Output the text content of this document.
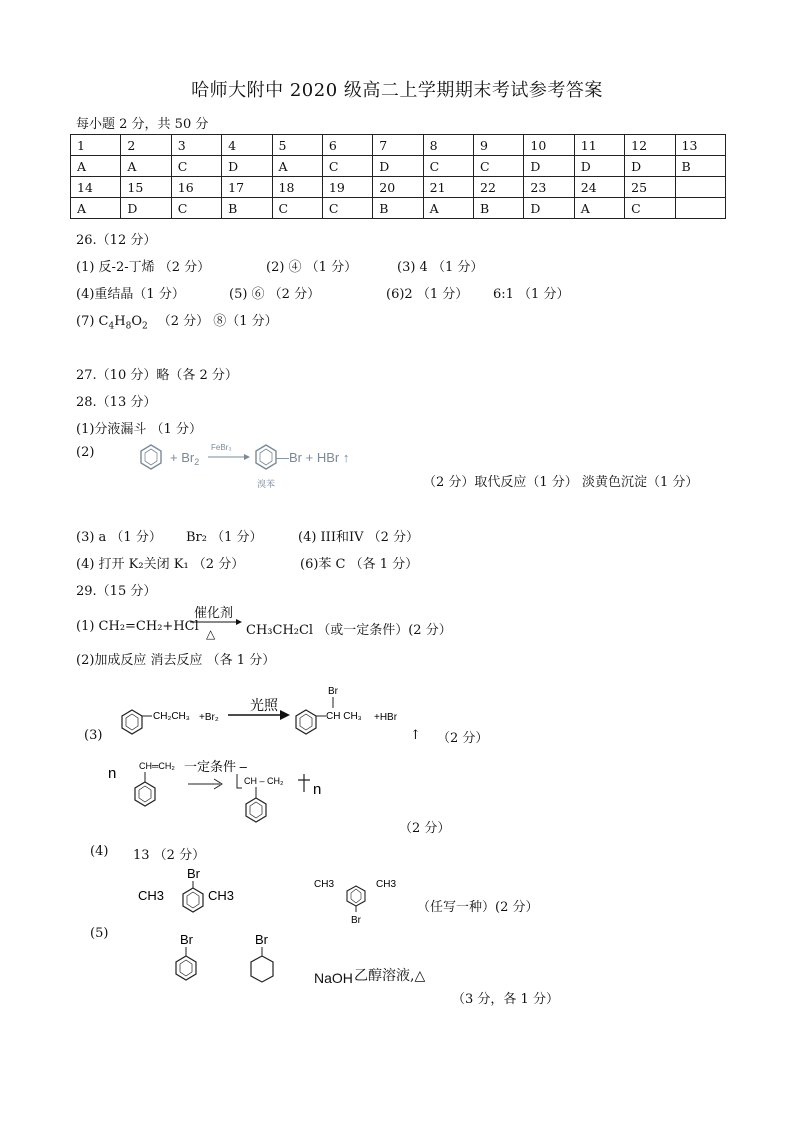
哈师大附中 2020 级高二上学期期末考试参考答案
每小题 2 分，共 50 分
1	2	3	4	5	6	7	8	9	10	11	12	13
A	A	C	D	A	C	D	C	C	D	D	D	B
14	15	16	17	18	19	20	21	22	23	24	25	
A	D	C	B	C	C	B	A	B	D	A	C	
26.（12 分）
(1) 反-2-丁烯 （2 分）	(2) ④ （1 分）	(3) 4 （1 分）
(4)重结晶（1 分）	(5) ⑥ （2 分）	(6)2 （1 分） 6:1 （1 分）
(7) $C_4H_8O_2$ （2 分） ⑧（1 分）
27.（10 分）略（各 2 分）
28.（13 分）
(1)分液漏斗 （1 分）
(2)	+ $Br_2$
FeBr₃
—Br + HBr ↑
溴苯	（2 分）取代反应（1 分） 淡黄色沉淀（1 分）
(3) a （1 分） Br₂ （1 分）	(4) III和IV （2 分）
(4) 打开 K₂关闭 K₁ （2 分）	(6)苯 C （各 1 分）
29.（15 分）
(1) CH₂=CH₂+HCl
催化剂
△ CH₃CH₂Cl （或一定条件）(2 分）
(2)加成反应 消去反应 （各 1 分）
(3)
CH₂CH₃ +Br₂
光照
Br
CH CH₃ +HBr
↑ （2 分）
n	CH═CH₂ 一定条件 –
CH – CH₂ n
（2 分）
(4) 13 （2 分）
Br
CH3	CH3
CH3	CH3
Br
（任写一种）(2 分）
(5)	Br	Br
NaOH 乙醇溶液,△
（3 分，各 1 分）
